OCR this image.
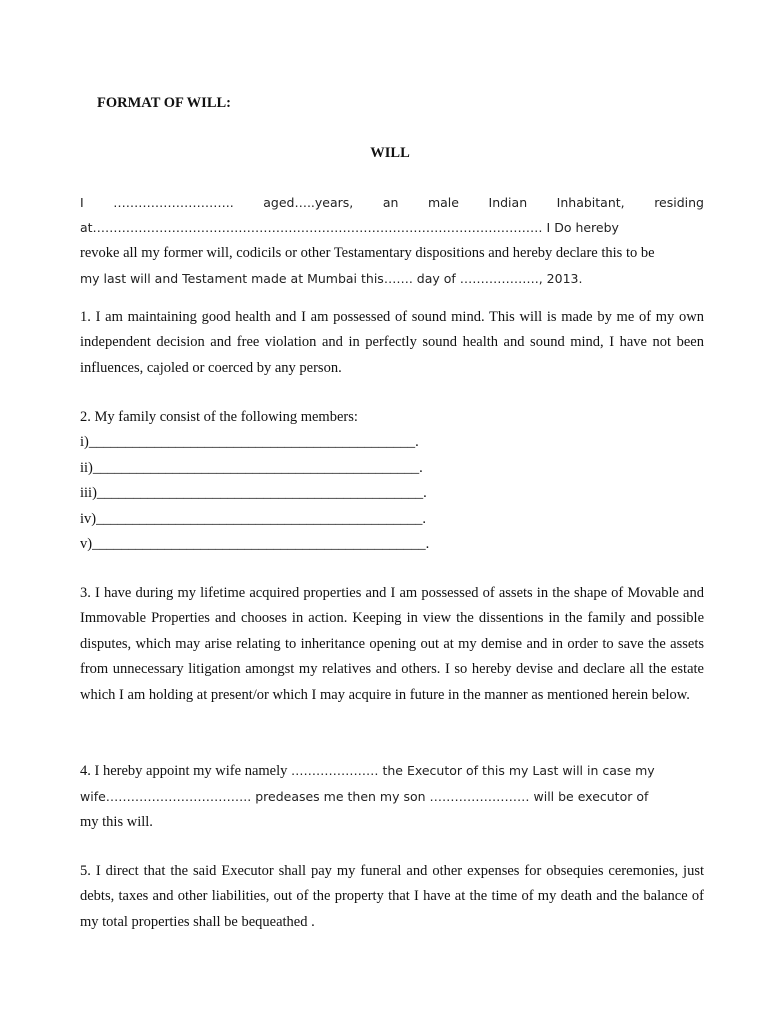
FORMAT OF WILL:
WILL
I ……………………….. aged…..years, an male Indian Inhabitant, residing
at……………………………………………………………………………………………… I Do hereby
revoke all my former will, codicils or other Testamentary dispositions and hereby declare this to be
my last will and Testament made at Mumbai this……. day of ………………., 2013.
1. I am maintaining good health and I am possessed of sound mind. This will is made by me of my own independent decision and free violation and in perfectly sound health and sound mind, I have not been influences, cajoled or coerced by any person.
2. My family consist of the following members:
i)_____________________________________________.
ii)_____________________________________________.
iii)_____________________________________________.
iv)_____________________________________________.
v)______________________________________________.
3. I have during my lifetime acquired properties and I am possessed of assets in the shape of Movable and Immovable Properties and chooses in action. Keeping in view the dissentions in the family and possible disputes, which may arise relating to inheritance opening out at my demise and in order to save the assets from unnecessary litigation amongst my relatives and others. I so hereby devise and declare all the estate which I am holding at present/or which I may acquire in future in the manner as mentioned herein below.
4. I hereby appoint my wife namely ………………… the Executor of this my Last will in case my
wife…………………………….. predeases me then my son …………………… will be executor of
my this will.
5. I direct that the said Executor shall pay my funeral and other expenses for obsequies ceremonies, just debts, taxes and other liabilities, out of the property that I have at the time of my death and the balance of my total properties shall be bequeathed .
